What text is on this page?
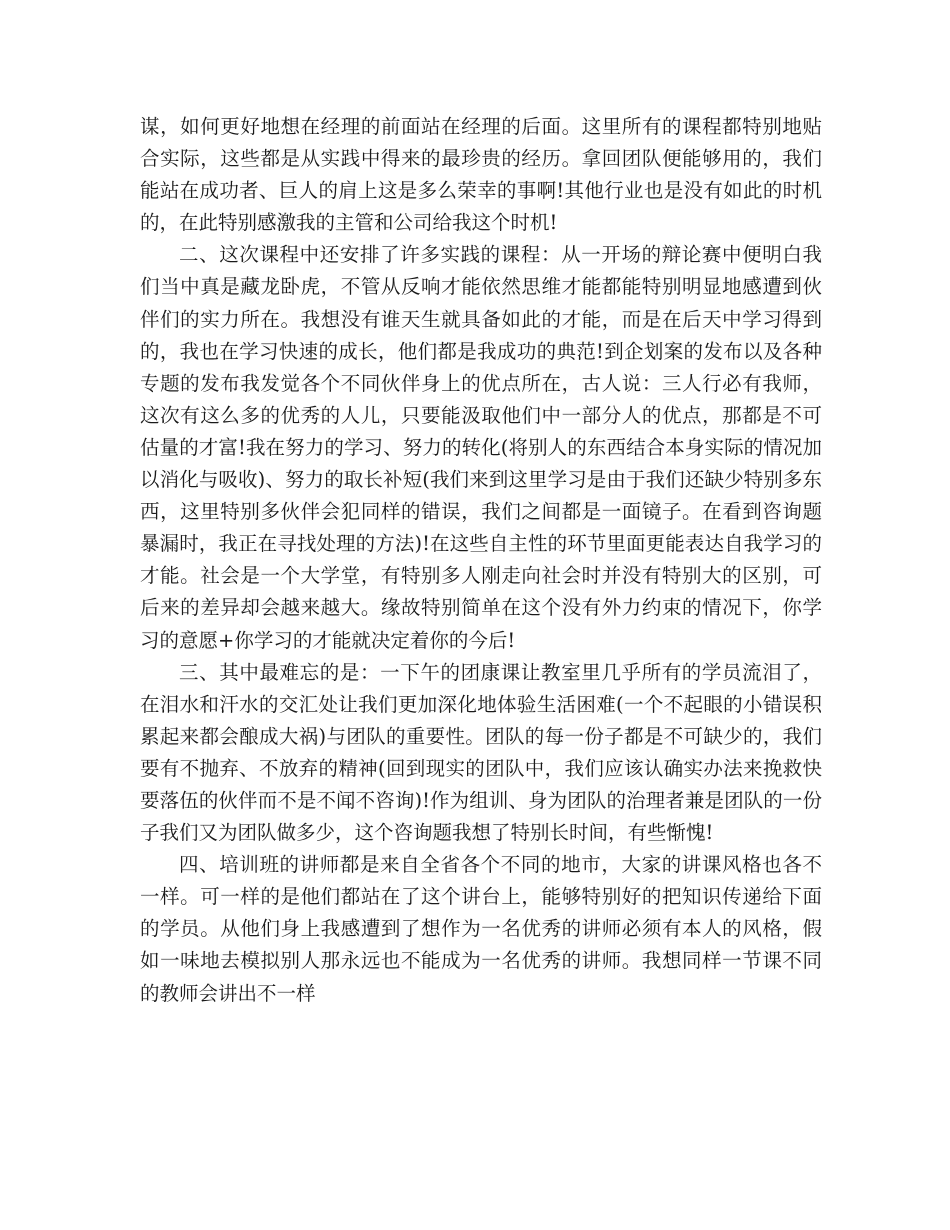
谋，如何更好地想在经理的前面站在经理的后面。这里所有的课程都特别地贴合实际，这些都是从实践中得来的最珍贵的经历。拿回团队便能够用的，我们能站在成功者、巨人的肩上这是多么荣幸的事啊!其他行业也是没有如此的时机的，在此特别感激我的主管和公司给我这个时机!

二、这次课程中还安排了许多实践的课程：从一开场的辩论赛中便明白我们当中真是藏龙卧虎，不管从反响才能依然思维才能都能特别明显地感遭到伙伴们的实力所在。我想没有谁天生就具备如此的才能，而是在后天中学习得到的，我也在学习快速的成长，他们都是我成功的典范!到企划案的发布以及各种专题的发布我发觉各个不同伙伴身上的优点所在，古人说：三人行必有我师，这次有这么多的优秀的人儿，只要能汲取他们中一部分人的优点，那都是不可估量的才富!我在努力的学习、努力的转化(将别人的东西结合本身实际的情况加以消化与吸收)、努力的取长补短(我们来到这里学习是由于我们还缺少特别多东西，这里特别多伙伴会犯同样的错误，我们之间都是一面镜子。在看到咨询题暴漏时，我正在寻找处理的方法)!在这些自主性的环节里面更能表达自我学习的才能。社会是一个大学堂，有特别多人刚走向社会时并没有特别大的区别，可后来的差异却会越来越大。缘故特别简单在这个没有外力约束的情况下，你学习的意愿+你学习的才能就决定着你的今后!

三、其中最难忘的是：一下午的团康课让教室里几乎所有的学员流泪了，在泪水和汗水的交汇处让我们更加深化地体验生活困难(一个不起眼的小错误积累起来都会酿成大祸)与团队的重要性。团队的每一份子都是不可缺少的，我们要有不抛弃、不放弃的精神(回到现实的团队中，我们应该认确实办法来挽救快要落伍的伙伴而不是不闻不咨询)!作为组训、身为团队的治理者兼是团队的一份子我们又为团队做多少，这个咨询题我想了特别长时间，有些惭愧!

四、培训班的讲师都是来自全省各个不同的地市，大家的讲课风格也各不一样。可一样的是他们都站在了这个讲台上，能够特别好的把知识传递给下面的学员。从他们身上我感遭到了想作为一名优秀的讲师必须有本人的风格，假如一味地去模拟别人那永远也不能成为一名优秀的讲师。我想同样一节课不同的教师会讲出不一样
